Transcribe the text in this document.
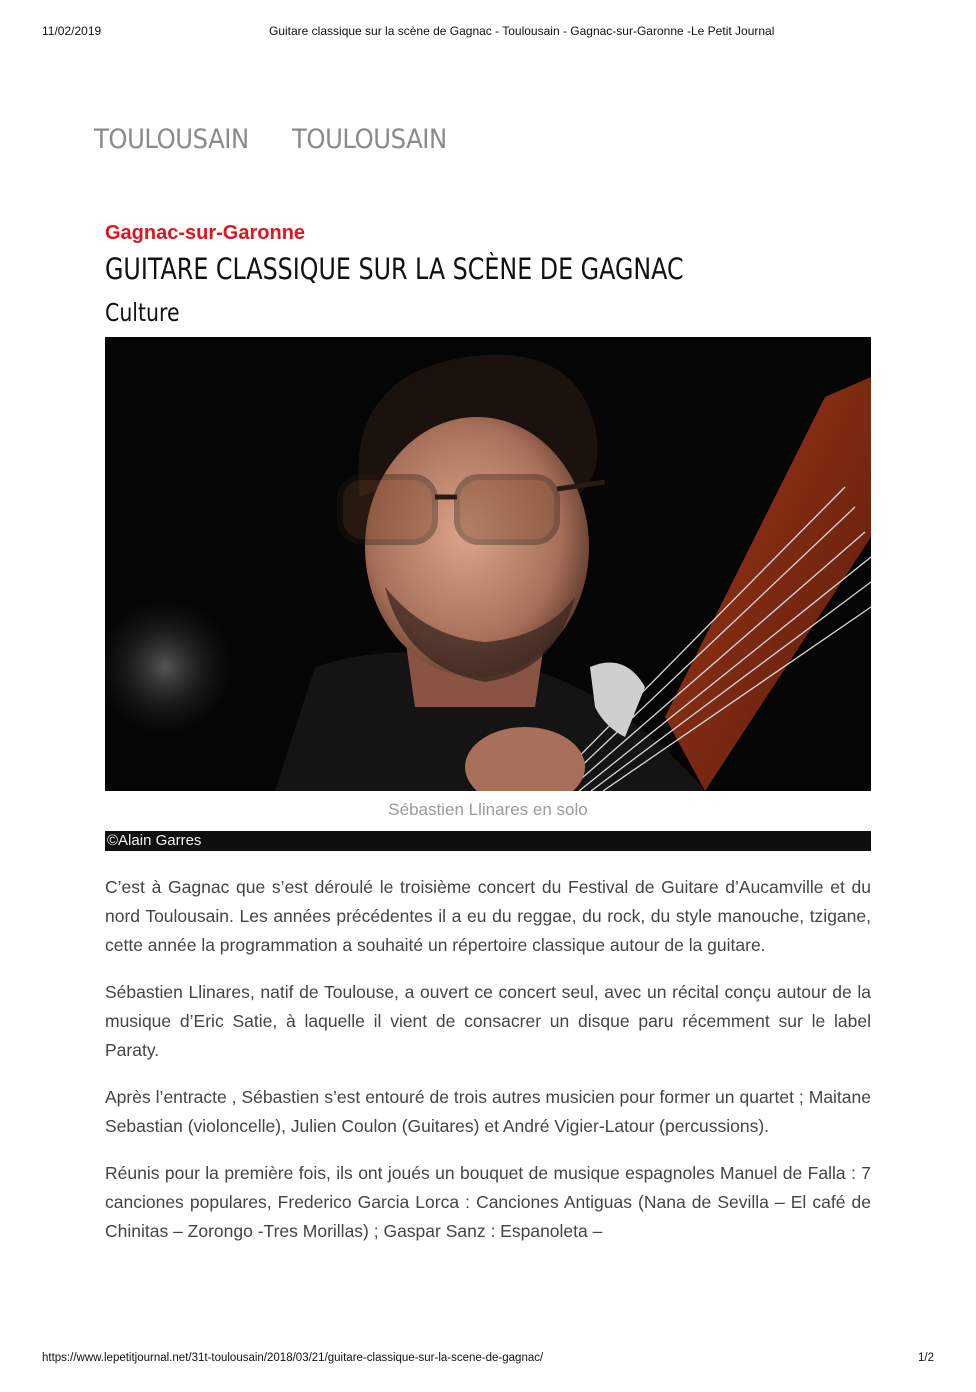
11/02/2019	Guitare classique sur la scène de Gagnac - Toulousain - Gagnac-sur-Garonne -Le Petit Journal
TOULOUSAIN TOULOUSAIN
Gagnac-sur-Garonne
GUITARE CLASSIQUE SUR LA SCÈNE DE GAGNAC
Culture
Sébastien Llinares en solo
©Alain Garres

C’est à Gagnac que s’est déroulé le troisième concert du Festival de Guitare d’Aucamville et du nord Toulousain. Les années précédentes il a eu du reggae, du rock, du style manouche, tzigane, cette année la programmation a souhaité un répertoire classique autour de la guitare.

Sébastien Llinares, natif de Toulouse, a ouvert ce concert seul, avec un récital conçu autour de la musique d’Eric Satie, à laquelle il vient de consacrer un disque paru récemment sur le label Paraty.

Après l’entracte , Sébastien s’est entouré de trois autres musicien pour former un quartet ; Maitane Sebastian (violoncelle), Julien Coulon (Guitares) et André Vigier-Latour (percussions).

Réunis pour la première fois, ils ont joués un bouquet de musique espagnoles Manuel de Falla : 7 canciones populares, Frederico Garcia Lorca : Canciones Antiguas (Nana de Sevilla – El café de Chinitas – Zorongo -Tres Morillas) ; Gaspar Sanz : Espanoleta –

https://www.lepetitjournal.net/31t-toulousain/2018/03/21/guitare-classique-sur-la-scene-de-gagnac/	1/2
